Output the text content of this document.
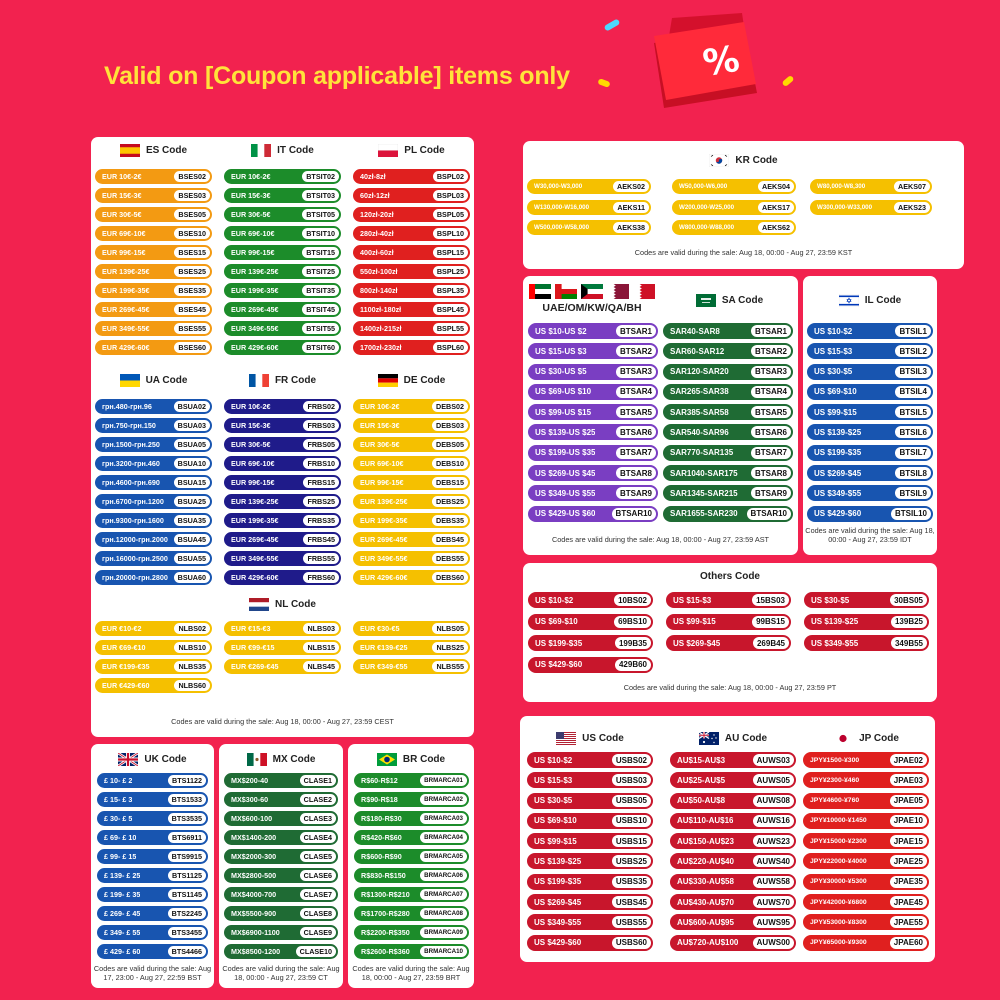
Valid on [Coupon applicable] items only	%
ES Code
EUR 10€-2€	BSES02
EUR 15€-3€	BSES03
EUR 30€-5€	BSES05
EUR 69€-10€	BSES10
EUR 99€-15€	BSES15
EUR 139€-25€	BSES25
EUR 199€-35€	BSES35
EUR 269€-45€	BSES45
EUR 349€-55€	BSES55
EUR 429€-60€	BSES60
IT Code
EUR 10€-2€	BTSIT02
EUR 15€-3€	BTSIT03
EUR 30€-5€	BTSIT05
EUR 69€-10€	BTSIT10
EUR 99€-15€	BTSIT15
EUR 139€-25€	BTSIT25
EUR 199€-35€	BTSIT35
EUR 269€-45€	BTSIT45
EUR 349€-55€	BTSIT55
EUR 429€-60€	BTSIT60
PL Code
40zł-8zł	BSPL02
60zł-12zł	BSPL03
120zł-20zł	BSPL05
280zł-40zł	BSPL10
400zł-60zł	BSPL15
550zł-100zł	BSPL25
800zł-140zł	BSPL35
1100zł-180zł	BSPL45
1400zł-215zł	BSPL55
1700zł-230zł	BSPL60
UA Code
грн.480-грн.96	BSUA02
грн.750-грн.150	BSUA03
грн.1500-грн.250	BSUA05
грн.3200-грн.460	BSUA10
грн.4600-грн.690	BSUA15
грн.6700-грн.1200	BSUA25
грн.9300-грн.1600	BSUA35
грн.12000-грн.2000	BSUA45
грн.16000-грн.2500	BSUA55
грн.20000-грн.2800	BSUA60
FR Code
EUR 10€-2€	FRBS02
EUR 15€-3€	FRBS03
EUR 30€-5€	FRBS05
EUR 69€-10€	FRBS10
EUR 99€-15€	FRBS15
EUR 139€-25€	FRBS25
EUR 199€-35€	FRBS35
EUR 269€-45€	FRBS45
EUR 349€-55€	FRBS55
EUR 429€-60€	FRBS60
DE Code
EUR 10€-2€	DEBS02
EUR 15€-3€	DEBS03
EUR 30€-5€	DEBS05
EUR 69€-10€	DEBS10
EUR 99€-15€	DEBS15
EUR 139€-25€	DEBS25
EUR 199€-35€	DEBS35
EUR 269€-45€	DEBS45
EUR 349€-55€	DEBS55
EUR 429€-60€	DEBS60
NL Code
EUR €10-€2	NLBS02	EUR €15-€3	NLBS03	EUR €30-€5	NLBS05
EUR €69-€10	NLBS10	EUR €99-€15	NLBS15	EUR €139-€25	NLBS25
EUR €199-€35	NLBS35	EUR €269-€45	NLBS45	EUR €349-€55	NLBS55
EUR €429-€60	NLBS60
Codes are valid during the sale: Aug 18, 00:00 - Aug 27, 23:59 CEST
KR Code
W30,000-W3,000	AEKS02	W50,000-W6,000	AEKS04	W80,000-W8,300	AEKS07
W130,000-W16,000	AEKS11	W200,000-W25,000	AEKS17	W300,000-W33,000	AEKS23
W500,000-W58,000	AEKS38	W800,000-W88,000	AEKS62
Codes are valid during the sale: Aug 18, 00:00 - Aug 27, 23:59 KST
UAE/OM/KW/QA/BH
SA Code
US $10-US $2	BTSAR1
US $15-US $3	BTSAR2
US $30-US $5	BTSAR3
US $69-US $10	BTSAR4
US $99-US $15	BTSAR5
US $139-US $25	BTSAR6
US $199-US $35	BTSAR7
US $269-US $45	BTSAR8
US $349-US $55	BTSAR9
US $429-US $60	BTSAR10
SAR40-SAR8	BTSAR1
SAR60-SAR12	BTSAR2
SAR120-SAR20	BTSAR3
SAR265-SAR38	BTSAR4
SAR385-SAR58	BTSAR5
SAR540-SAR96	BTSAR6
SAR770-SAR135	BTSAR7
SAR1040-SAR175	BTSAR8
SAR1345-SAR215	BTSAR9
SAR1655-SAR230	BTSAR10
Codes are valid during the sale: Aug 18, 00:00 - Aug 27, 23:59 AST
IL Code
US $10-$2	BTSIL1
US $15-$3	BTSIL2
US $30-$5	BTSIL3
US $69-$10	BTSIL4
US $99-$15	BTSIL5
US $139-$25	BTSIL6
US $199-$35	BTSIL7
US $269-$45	BTSIL8
US $349-$55	BTSIL9
US $429-$60	BTSIL10
Codes are valid during the sale: Aug 18, 00:00 - Aug 27, 23:59 IDT
Others Code
US $10-$2	10BS02	US $15-$3	15BS03	US $30-$5	30BS05
US $69-$10	69BS10	US $99-$15	99BS15	US $139-$25	139B25
US $199-$35	199B35	US $269-$45	269B45	US $349-$55	349B55
US $429-$60	429B60
Codes are valid during the sale: Aug 18, 00:00 - Aug 27, 23:59 PT
UK Code
£ 10- £ 2	BTS1122
£ 15- £ 3	BTS1533
£ 30- £ 5	BTS3535
£ 69- £ 10	BTS6911
£ 99- £ 15	BTS9915
£ 139- £ 25	BTS1125
£ 199- £ 35	BTS1145
£ 269- £ 45	BTS2245
£ 349- £ 55	BTS3455
£ 429- £ 60	BTS4466
Codes are valid during the sale: Aug 17, 23:00 - Aug 27, 22:59 BST
MX Code
MX$200-40	CLASE1
MX$300-60	CLASE2
MX$600-100	CLASE3
MX$1400-200	CLASE4
MX$2000-300	CLASE5
MX$2800-500	CLASE6
MX$4000-700	CLASE7
MX$5500-900	CLASE8
MX$6900-1100	CLASE9
MX$8500-1200	CLASE10
Codes are valid during the sale: Aug 18, 00:00 - Aug 27, 23:59 CT
BR Code
R$60-R$12	BRMARCA01
R$90-R$18	BRMARCA02
R$180-R$30	BRMARCA03
R$420-R$60	BRMARCA04
R$600-R$90	BRMARCA05
R$830-R$150	BRMARCA06
R$1300-R$210	BRMARCA07
R$1700-R$280	BRMARCA08
R$2200-R$350	BRMARCA09
R$2600-R$360	BRMARCA10
Codes are valid during the sale: Aug 18, 00:00 - Aug 27, 23:59 BRT
US Code
US $10-$2	USBS02
US $15-$3	USBS03
US $30-$5	USBS05
US $69-$10	USBS10
US $99-$15	USBS15
US $139-$25	USBS25
US $199-$35	USBS35
US $269-$45	USBS45
US $349-$55	USBS55
US $429-$60	USBS60
AU Code
AU$15-AU$3	AUWS03
AU$25-AU$5	AUWS05
AU$50-AU$8	AUWS08
AU$110-AU$16	AUWS16
AU$150-AU$23	AUWS23
AU$220-AU$40	AUWS40
AU$330-AU$58	AUWS58
AU$430-AU$70	AUWS70
AU$600-AU$95	AUWS95
AU$720-AU$100	AUWS00
JP Code
JPY¥1500-¥300	JPAE02
JPY¥2300-¥460	JPAE03
JPY¥4600-¥760	JPAE05
JPY¥10000-¥1450	JPAE10
JPY¥15000-¥2300	JPAE15
JPY¥22000-¥4000	JPAE25
JPY¥30000-¥5300	JPAE35
JPY¥42000-¥6800	JPAE45
JPY¥53000-¥8300	JPAE55
JPY¥65000-¥9300	JPAE60
